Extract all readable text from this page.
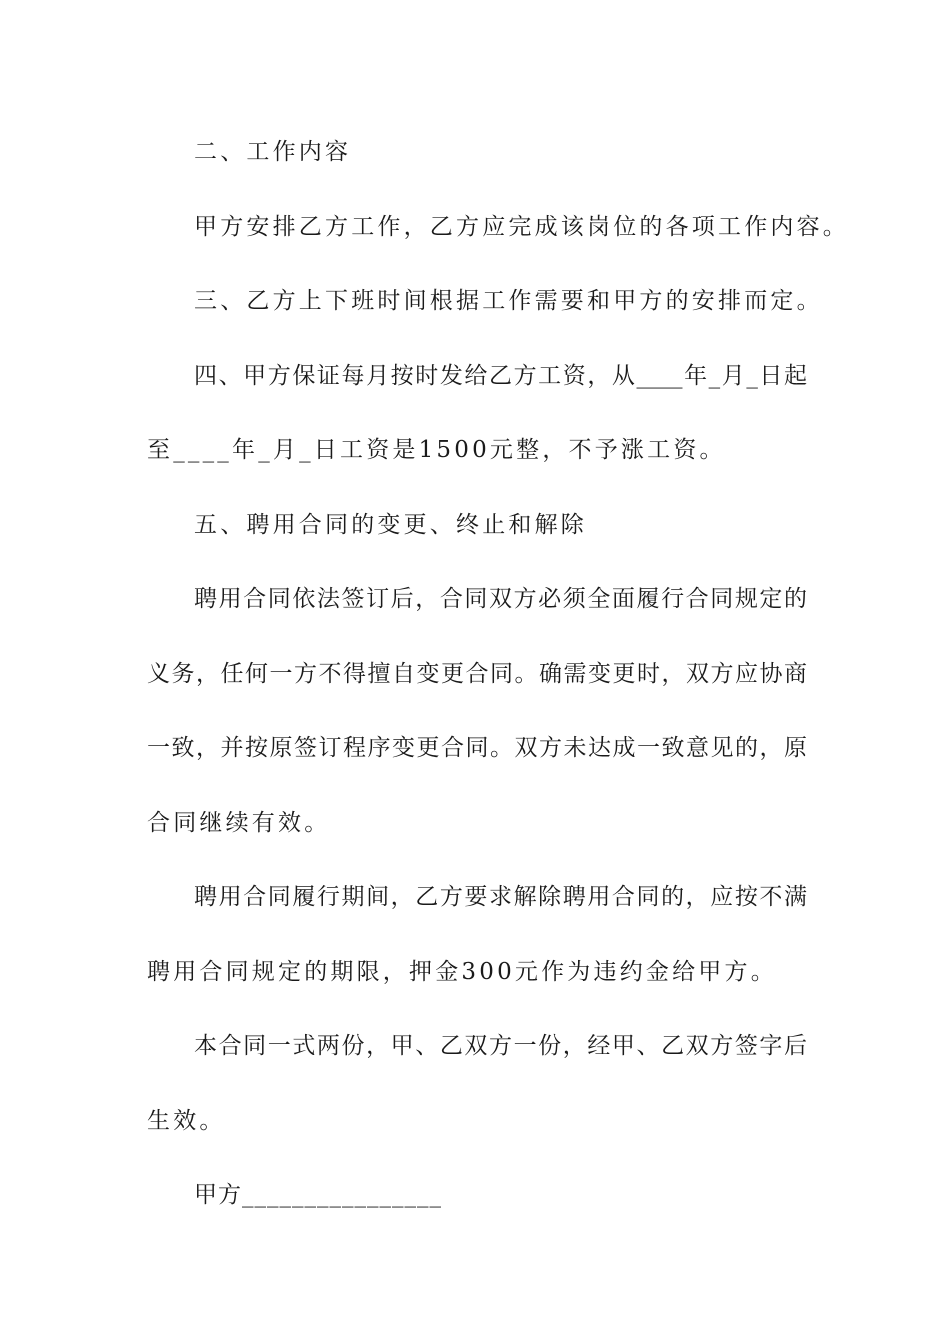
二、工作内容
甲方安排乙方工作，乙方应完成该岗位的各项工作内容。
三、乙方上下班时间根据工作需要和甲方的安排而定。
四、甲方保证每月按时发给乙方工资，从____年_月_日起
至____年_月_日工资是1500元整，不予涨工资。
五、聘用合同的变更、终止和解除
聘用合同依法签订后，合同双方必须全面履行合同规定的
义务，任何一方不得擅自变更合同。确需变更时，双方应协商
一致，并按原签订程序变更合同。双方未达成一致意见的，原
合同继续有效。
聘用合同履行期间，乙方要求解除聘用合同的，应按不满
聘用合同规定的期限，押金300元作为违约金给甲方。
本合同一式两份，甲、乙双方一份，经甲、乙双方签字后
生效。
甲方________________
